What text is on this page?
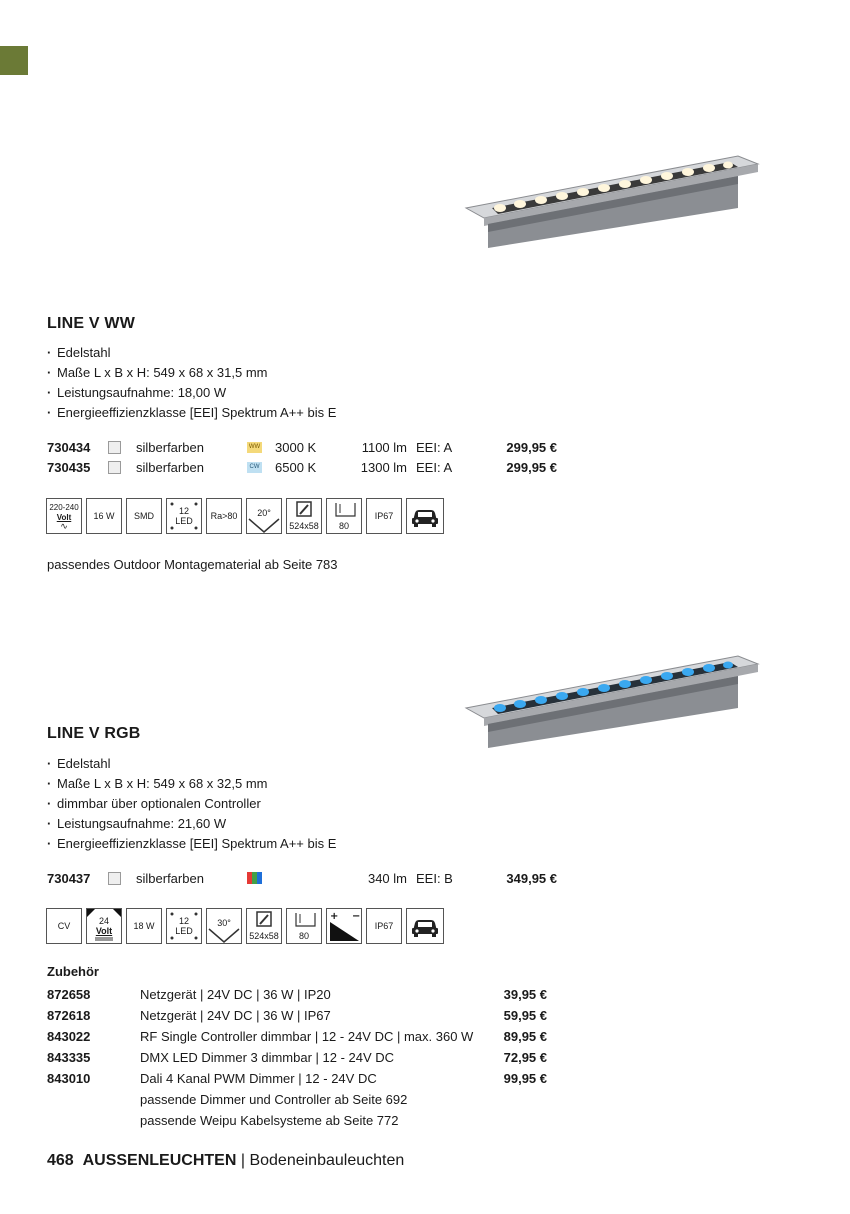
LINE V WW
· Edelstahl
· Maße L x B x H: 549 x 68 x 31,5 mm
· Leistungsaufnahme: 18,00 W
· Energieeffizienzklasse [EEI] Spektrum A++ bis E
730434	silberfarben	WW 3000 K	1100 lm EEI: A	299,95 €
730435	silberfarben	CW 6500 K	1300 lm EEI: A	299,95 €
220-240
Volt
∿
16 W SMD	12
LED Ra>80 20°
524x58 80
IP67
passendes Outdoor Montagematerial ab Seite 783
LINE V RGB
· Edelstahl
· Maße L x B x H: 549 x 68 x 32,5 mm
· dimmbar über optionalen Controller
· Leistungsaufnahme: 21,60 W
· Energieeffizienzklasse [EEI] Spektrum A++ bis E
730437	silberfarben	340 lm EEI: B	349,95 €
CV	24
Volt 18 W	12
LED
30°
524x58 80
+ −
IP67
Zubehör
872658	Netzgerät | 24V DC | 36 W | IP20	39,95 €
872618	Netzgerät | 24V DC | 36 W | IP67	59,95 €
843022	RF Single Controller dimmbar | 12 - 24V DC | max. 360 W 89,95 €
843335	DMX LED Dimmer 3 dimmbar | 12 - 24V DC	72,95 €
843010	Dali 4 Kanal PWM Dimmer | 12 - 24V DC	99,95 €
passende Dimmer und Controller ab Seite 692
passende Weipu Kabelsysteme ab Seite 772
468 AUSSENLEUCHTEN | Bodeneinbauleuchten
